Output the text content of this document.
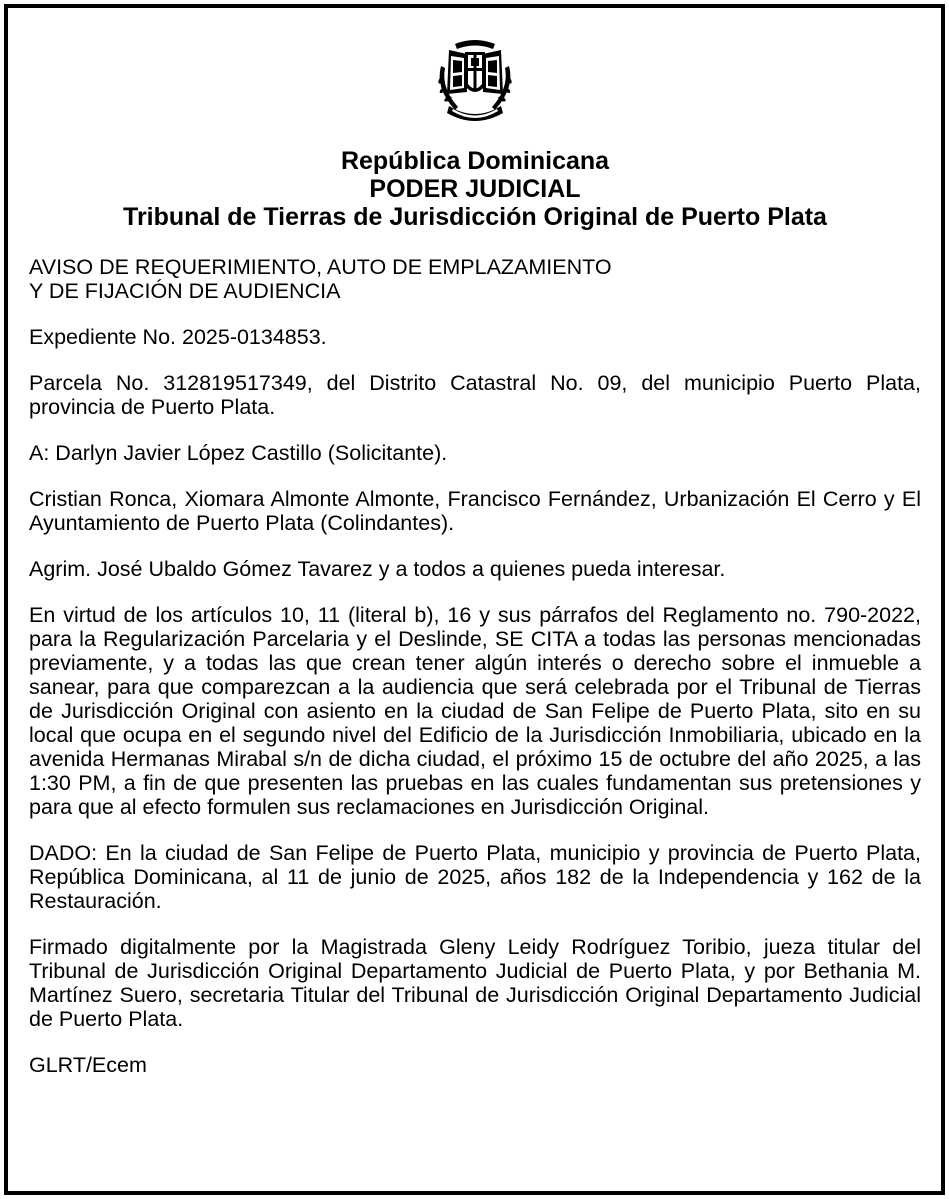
República Dominicana
PODER JUDICIAL
Tribunal de Tierras de Jurisdicción Original de Puerto Plata
AVISO DE REQUERIMIENTO, AUTO DE EMPLAZAMIENTO
Y DE FIJACIÓN DE AUDIENCIA
Expediente No. 2025-0134853.
Parcela No. 312819517349, del Distrito Catastral No. 09, del municipio Puerto Plata, provincia de Puerto Plata.
A: Darlyn Javier López Castillo (Solicitante).
Cristian Ronca, Xiomara Almonte Almonte, Francisco Fernández, Urbanización El Cerro y El Ayuntamiento de Puerto Plata (Colindantes).
Agrim. José Ubaldo Gómez Tavarez y a todos a quienes pueda interesar.
En virtud de los artículos 10, 11 (literal b), 16 y sus párrafos del Reglamento no. 790-2022, para la Regularización Parcelaria y el Deslinde, SE CITA a todas las personas mencionadas previamente, y a todas las que crean tener algún interés o derecho sobre el inmueble a sanear, para que comparezcan a la audiencia que será celebrada por el Tribunal de Tierras de Jurisdicción Original con asiento en la ciudad de San Felipe de Puerto Plata, sito en su local que ocupa en el segundo nivel del Edificio de la Jurisdicción Inmobiliaria, ubicado en la avenida Hermanas Mirabal s/n de dicha ciudad, el próximo 15 de octubre del año 2025, a las 1:30 PM, a fin de que presenten las pruebas en las cuales fundamentan sus pretensiones y para que al efecto formulen sus reclamaciones en Jurisdicción Original.
DADO: En la ciudad de San Felipe de Puerto Plata, municipio y provincia de Puerto Plata, República Dominicana, al 11 de junio de 2025, años 182 de la Independencia y 162 de la Restauración.
Firmado digitalmente por la Magistrada Gleny Leidy Rodríguez Toribio, jueza titular del Tribunal de Jurisdicción Original Departamento Judicial de Puerto Plata, y por Bethania M. Martínez Suero, secretaria Titular del Tribunal de Jurisdicción Original Departamento Judicial de Puerto Plata.
GLRT/Ecem
